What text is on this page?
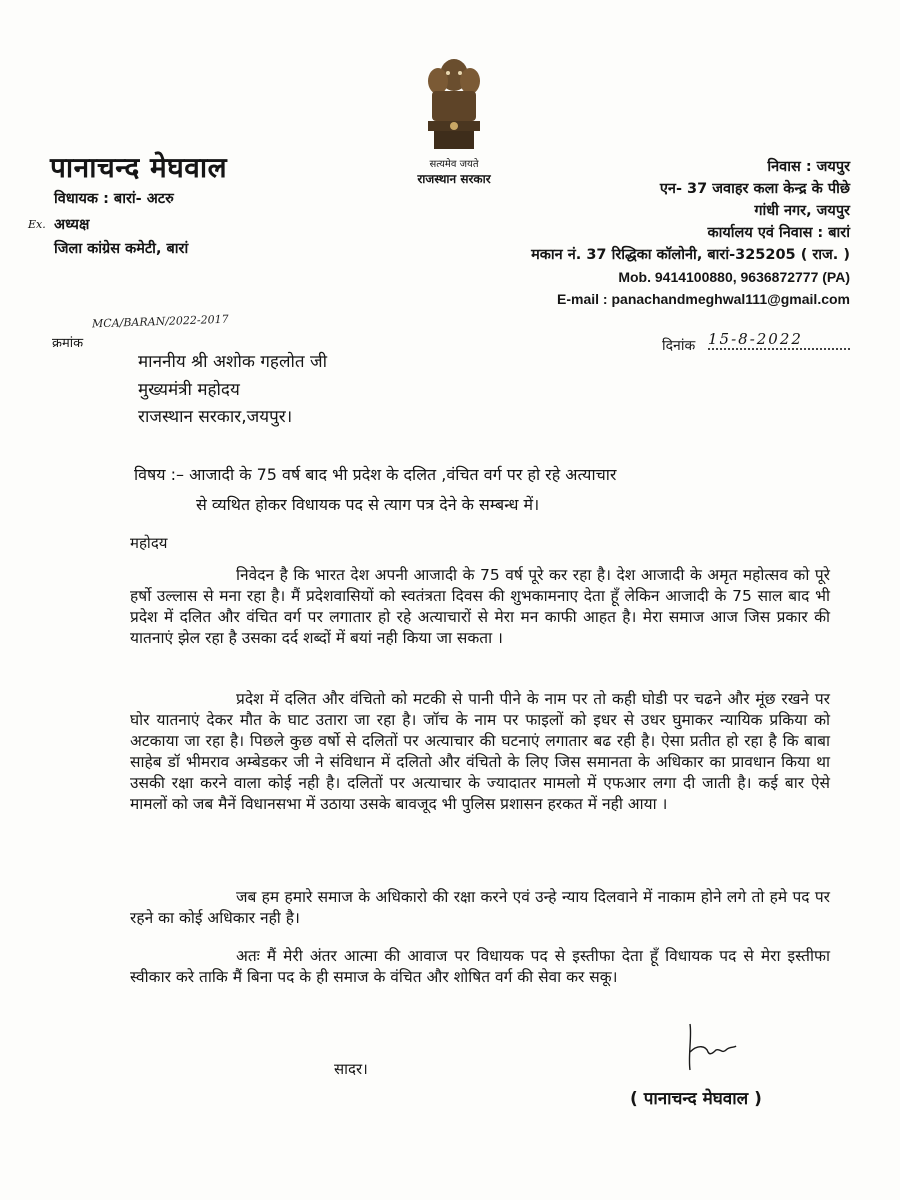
सत्यमेव जयते
राजस्थान सरकार
पानाचन्द मेघवाल
विधायक : बारां- अटरु
Ex. अध्यक्ष
जिला कांग्रेस कमेटी, बारां
निवास : जयपुर
एन- 37 जवाहर कला केन्द्र के पीछे
गांधी नगर, जयपुर
कार्यालय एवं निवास : बारां
मकान नं. 37 रिद्धिका कॉलोनी, बारां-325205 ( राज. )
Mob. 9414100880, 9636872777 (PA)
E-mail : panachandmeghwal111@gmail.com
क्रमांक
MCA/BARAN/2022-2017
दिनांक 15-8-2022
माननीय श्री अशोक गहलोत जी
मुख्यमंत्री महोदय
राजस्थान सरकार,जयपुर।
विषय :– आजादी के 75 वर्ष बाद भी प्रदेश के दलित ,वंचित वर्ग पर हो रहे अत्याचार
से व्यथित होकर विधायक पद से त्याग पत्र देने के सम्बन्ध में।
महोदय
निवेदन है कि भारत देश अपनी आजादी के 75 वर्ष पूरे कर रहा है। देश आजादी के अमृत महोत्सव को पूरे हर्षो उल्लास से मना रहा है। मैं प्रदेशवासियों को स्वतंत्रता दिवस की शुभकामनाए देता हूँ लेकिन आजादी के 75 साल बाद भी प्रदेश में दलित और वंचित वर्ग पर लगातार हो रहे अत्याचारों से मेरा मन काफी आहत है। मेरा समाज आज जिस प्रकार की यातनाएं झेल रहा है उसका दर्द शब्दों में बयां नही किया जा सकता ।
प्रदेश में दलित और वंचितो को मटकी से पानी पीने के नाम पर तो कही घोडी पर चढने और मूंछ रखने पर घोर यातनाएं देकर मौत के घाट उतारा जा रहा है। जॉच के नाम पर फाइलों को इधर से उधर घुमाकर न्यायिक प्रकिया को अटकाया जा रहा है। पिछले कुछ वर्षो से दलितों पर अत्याचार की घटनाएं लगातार बढ रही है। ऐसा प्रतीत हो रहा है कि बाबा साहेब डॉ भीमराव अम्बेडकर जी ने संविधान में दलितो और वंचितो के लिए जिस समानता के अधिकार का प्रावधान किया था उसकी रक्षा करने वाला कोई नही है। दलितों पर अत्याचार के ज्यादातर मामलो में एफआर लगा दी जाती है। कई बार ऐसे मामलों को जब मैनें विधानसभा में उठाया उसके बावजूद भी पुलिस प्रशासन हरकत में नही आया ।
जब हम हमारे समाज के अधिकारो की रक्षा करने एवं उन्हे न्याय दिलवाने में नाकाम होने लगे तो हमे पद पर रहने का कोई अधिकार नही है।
अतः मैं मेरी अंतर आत्मा की आवाज पर विधायक पद से इस्तीफा देता हूँ विधायक पद से मेरा इस्तीफा स्वीकार करे ताकि मैं बिना पद के ही समाज के वंचित और शोषित वर्ग की सेवा कर सकू।
सादर।
( पानाचन्द मेघवाल )
